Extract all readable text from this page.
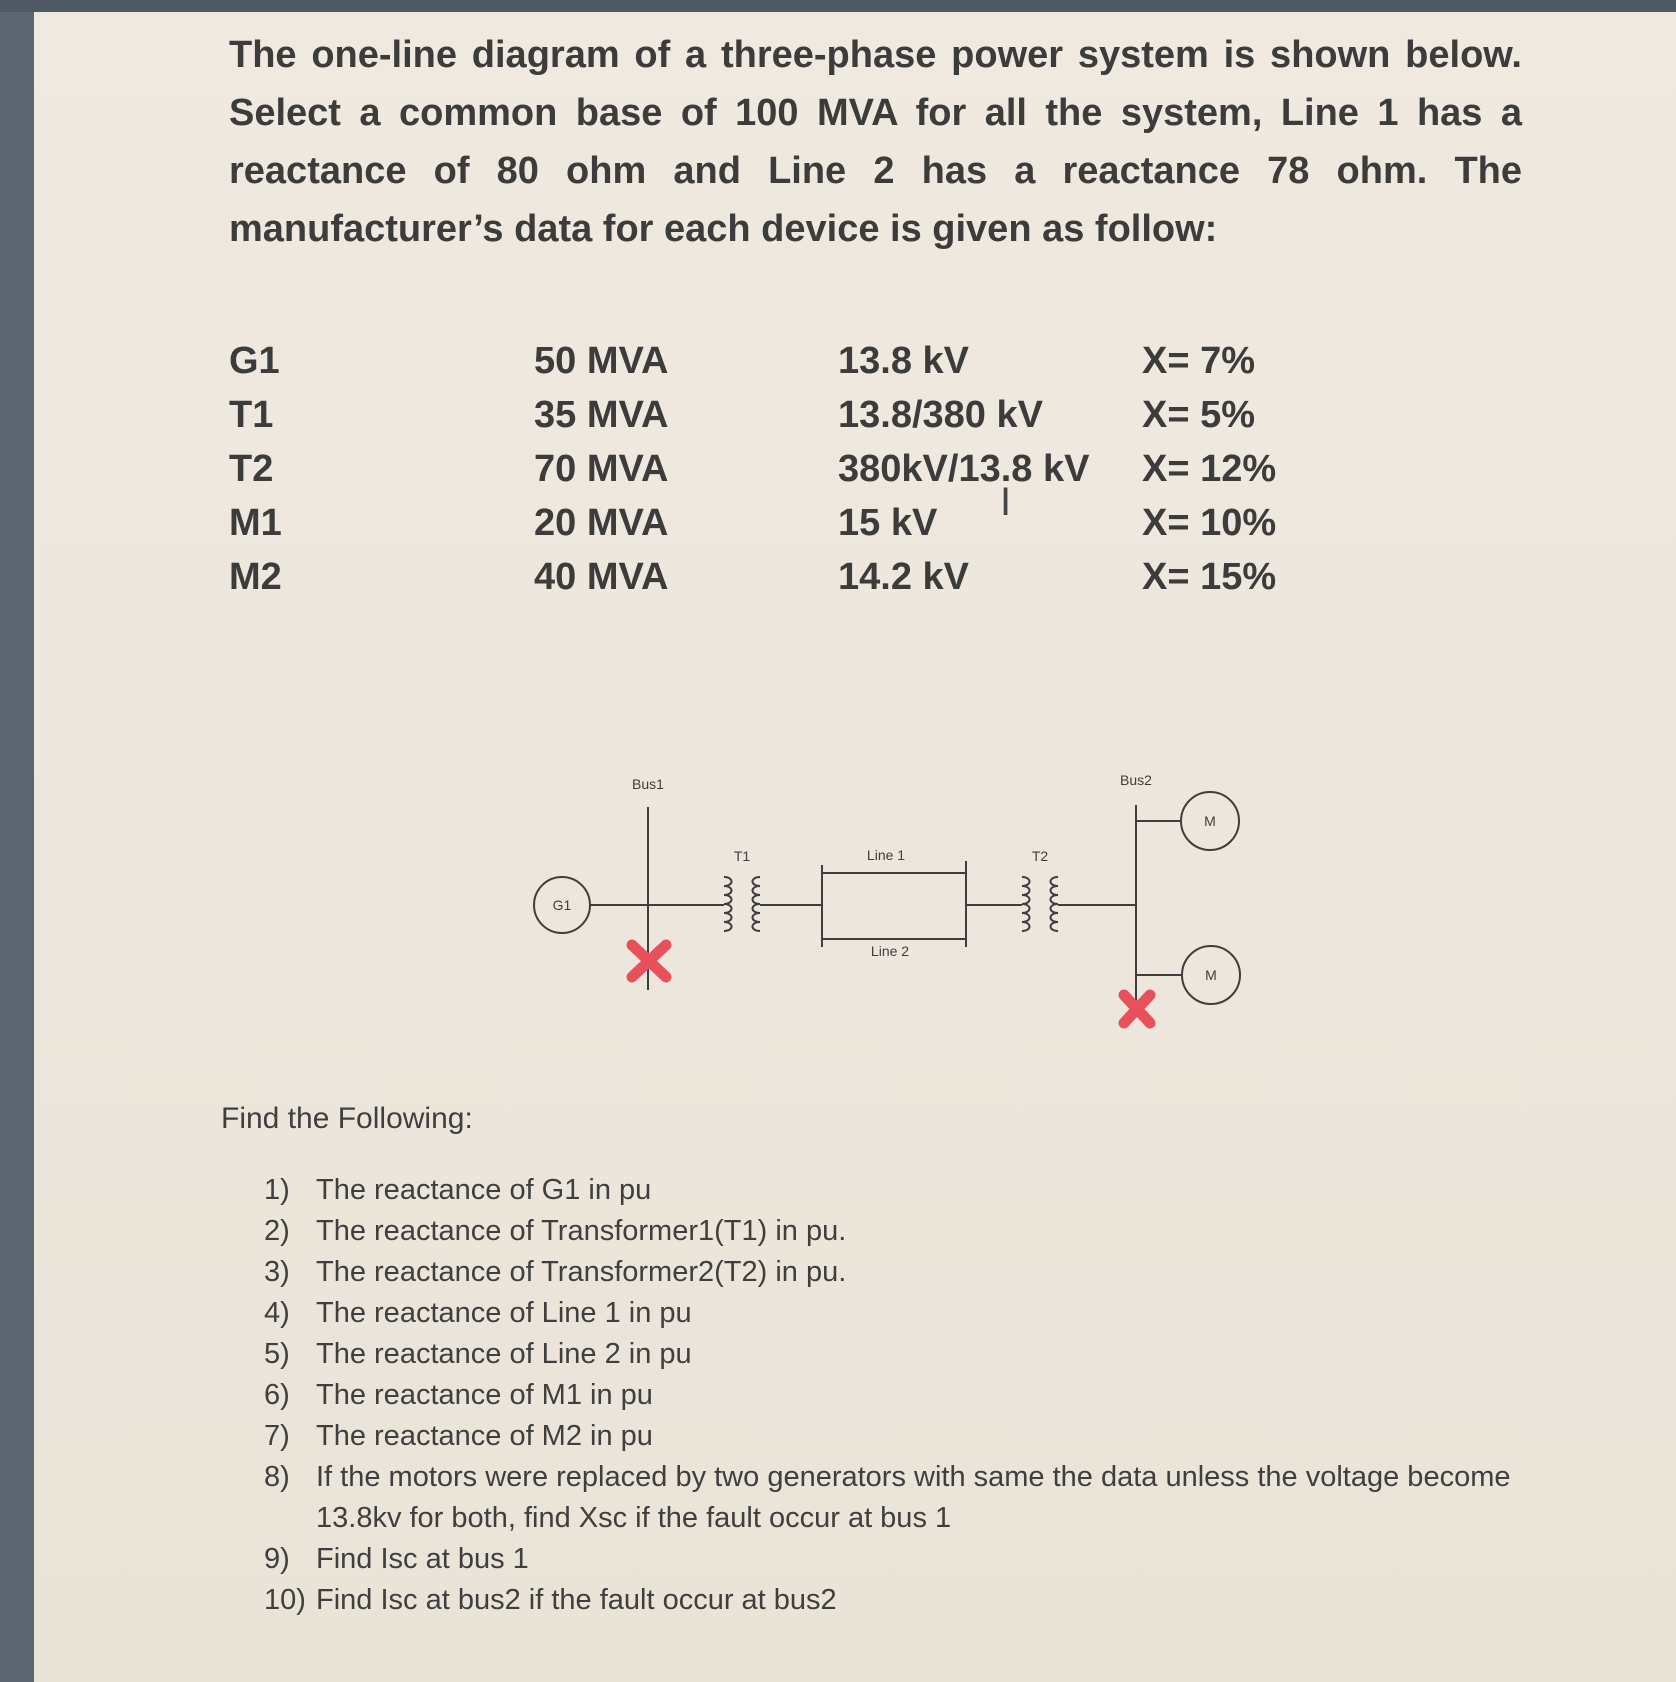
The one-line diagram of a three-phase power system is shown below. Select a common base of 100 MVA for all the system, Line 1 has a reactance of 80 ohm and Line 2 has a reactance 78 ohm. The manufacturer’s data for each device is given as follow:
G1	50 MVA	13.8 kV	X= 7%
T1	35 MVA	13.8/380 kV	X= 5%
T2	70 MVA	380kV/13.8 kV X= 12%
M1	20 MVA	15 kV	X= 10%
M2	40 MVA	14.2 kV	X= 15%
I
Bus1	Bus2
G1
T1	T2
Line 1
Line 2
M
M
Find the Following:
1) The reactance of G1 in pu
2) The reactance of Transformer1(T1) in pu.
3) The reactance of Transformer2(T2) in pu.
4) The reactance of Line 1 in pu
5) The reactance of Line 2 in pu
6) The reactance of M1 in pu
7) The reactance of M2 in pu
8) If the motors were replaced by two generators with same the data unless the voltage become 13.8kv for both, find Xsc if the fault occur at bus 1
9) Find Isc at bus 1
10) Find Isc at bus2 if the fault occur at bus2
